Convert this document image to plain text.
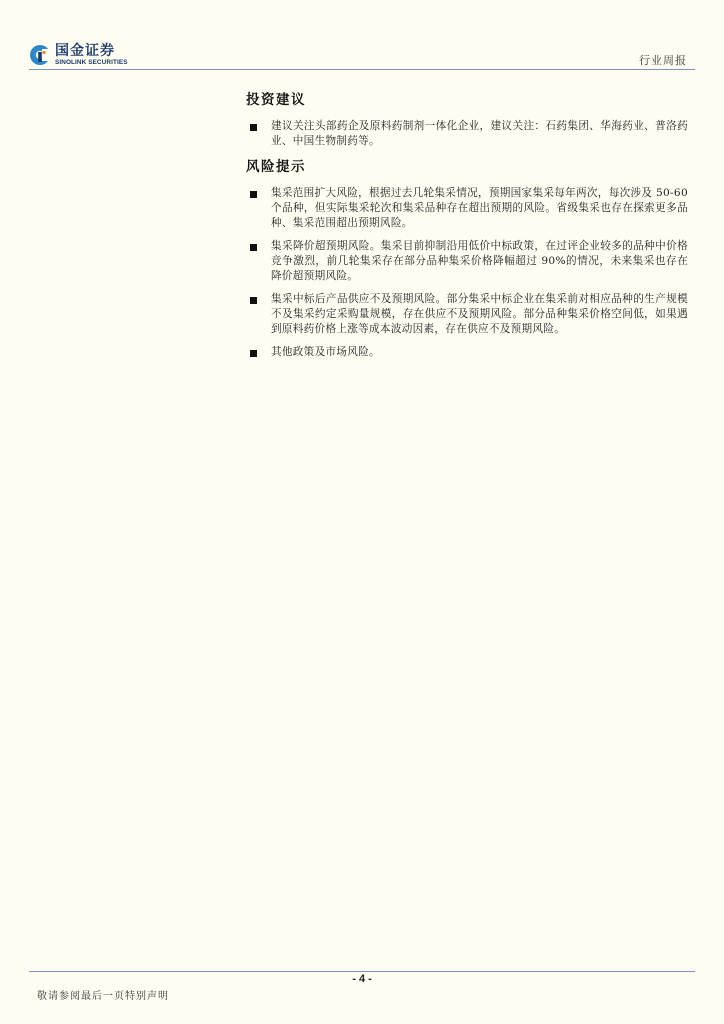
国金证券
SINOLINK SECURITIES	行业周报
投资建议
建议关注头部药企及原料药制剂一体化企业，建议关注：石药集团、华海药业、普洛药业、中国生物制药等。
风险提示
集采范围扩大风险，根据过去几轮集采情况，预期国家集采每年两次，每次涉及 50-60 个品种，但实际集采轮次和集采品种存在超出预期的风险。省级集采也存在探索更多品种、集采范围超出预期风险。
集采降价超预期风险。集采目前抑制沿用低价中标政策，在过评企业较多的品种中价格竞争激烈，前几轮集采存在部分品种集采价格降幅超过 90%的情况，未来集采也存在降价超预期风险。
集采中标后产品供应不及预期风险。部分集采中标企业在集采前对相应品种的生产规模不及集采约定采购量规模，存在供应不及预期风险。部分品种集采价格空间低，如果遇到原料药价格上涨等成本波动因素，存在供应不及预期风险。
其他政策及市场风险。
- 4 -
敬请参阅最后一页特别声明
